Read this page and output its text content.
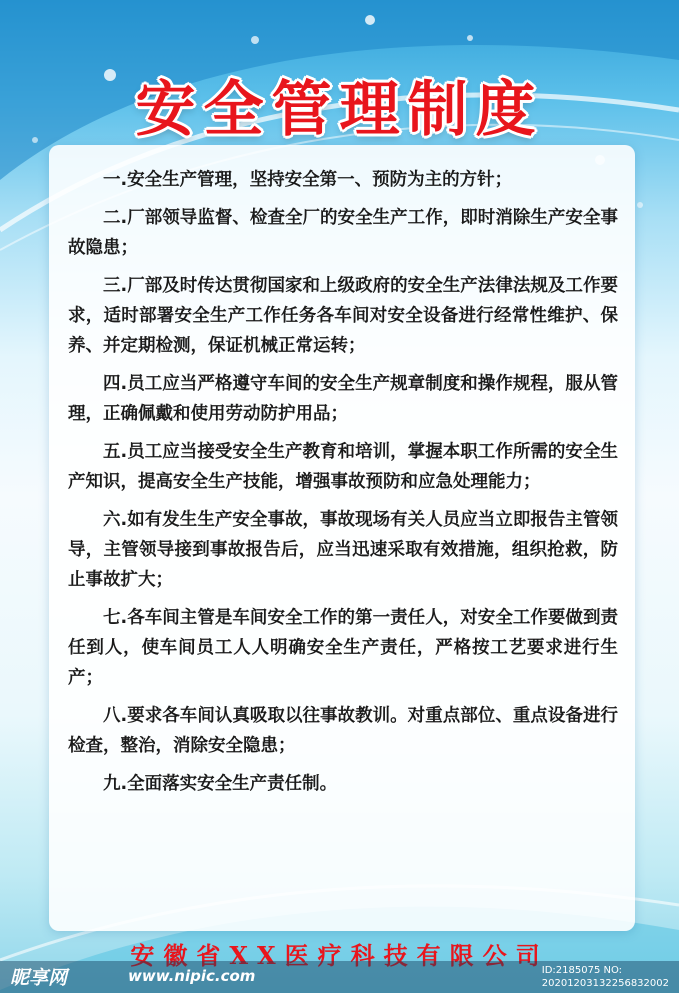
安全管理制度

一.安全生产管理，坚持安全第一、预防为主的方针；

二.厂部领导监督、检查全厂的安全生产工作，即时消除生产安全事故隐患；

三.厂部及时传达贯彻国家和上级政府的安全生产法律法规及工作要求，适时部署安全生产工作任务各车间对安全设备进行经常性维护、保养、并定期检测，保证机械正常运转；

四.员工应当严格遵守车间的安全生产规章制度和操作规程，服从管理，正确佩戴和使用劳动防护用品；

五.员工应当接受安全生产教育和培训，掌握本职工作所需的安全生产知识，提高安全生产技能，增强事故预防和应急处理能力；

六.如有发生生产安全事故，事故现场有关人员应当立即报告主管领导，主管领导接到事故报告后，应当迅速采取有效措施，组织抢救，防止事故扩大；

七.各车间主管是车间安全工作的第一责任人，对安全工作要做到责任到人，使车间员工人人明确安全生产责任，严格按工艺要求进行生产；

八.要求各车间认真吸取以往事故教训。对重点部位、重点设备进行检查，整治，消除安全隐患；

九.全面落实安全生产责任制。

安徽省XX医疗科技有限公司
昵享网	www.nipic.com	ID:2185075 NO:
20201203132256832002
